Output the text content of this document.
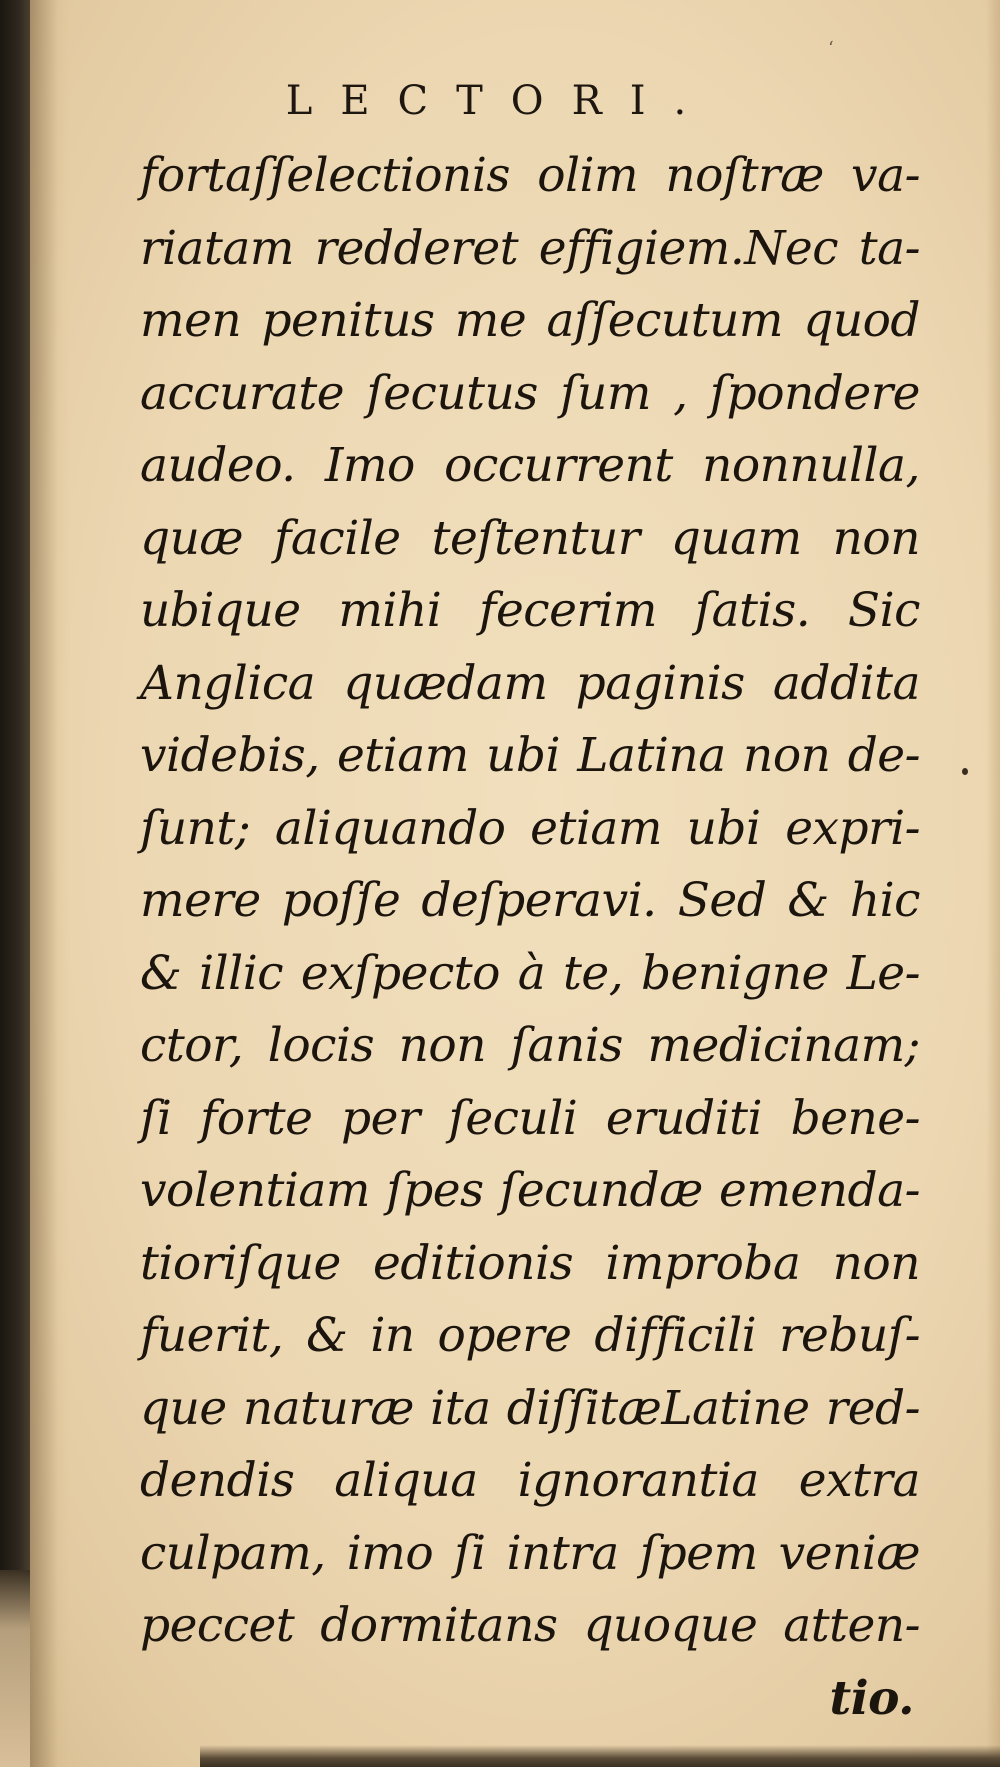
‘
LECTORI.
fortaſſelectionis olim noſtræ va-
riatam redderet effigiem.Nec ta-
men penitus me aſſecutum quod
accurate ſecutus ſum , ſpondere
audeo. Imo occurrent nonnulla,
quæ facile teſtentur quam non
ubique mihi fecerim ſatis. Sic
Anglica quædam paginis addita
videbis, etiam ubi Latina non de-
ſunt; aliquando etiam ubi expri-
mere poſſe deſperavi. Sed & hic
& illic exſpecto à te, benigne Le-
ctor, locis non ſanis medicinam;
ſi forte per ſeculi eruditi bene-
volentiam ſpes ſecundæ emenda-
tioriſque editionis improba non
fuerit, & in opere difficili rebuſ-
que naturæ ita diſſitæLatine red-
dendis aliqua ignorantia extra
culpam, imo ſi intra ſpem veniæ
peccet dormitans quoque atten-
tio.
